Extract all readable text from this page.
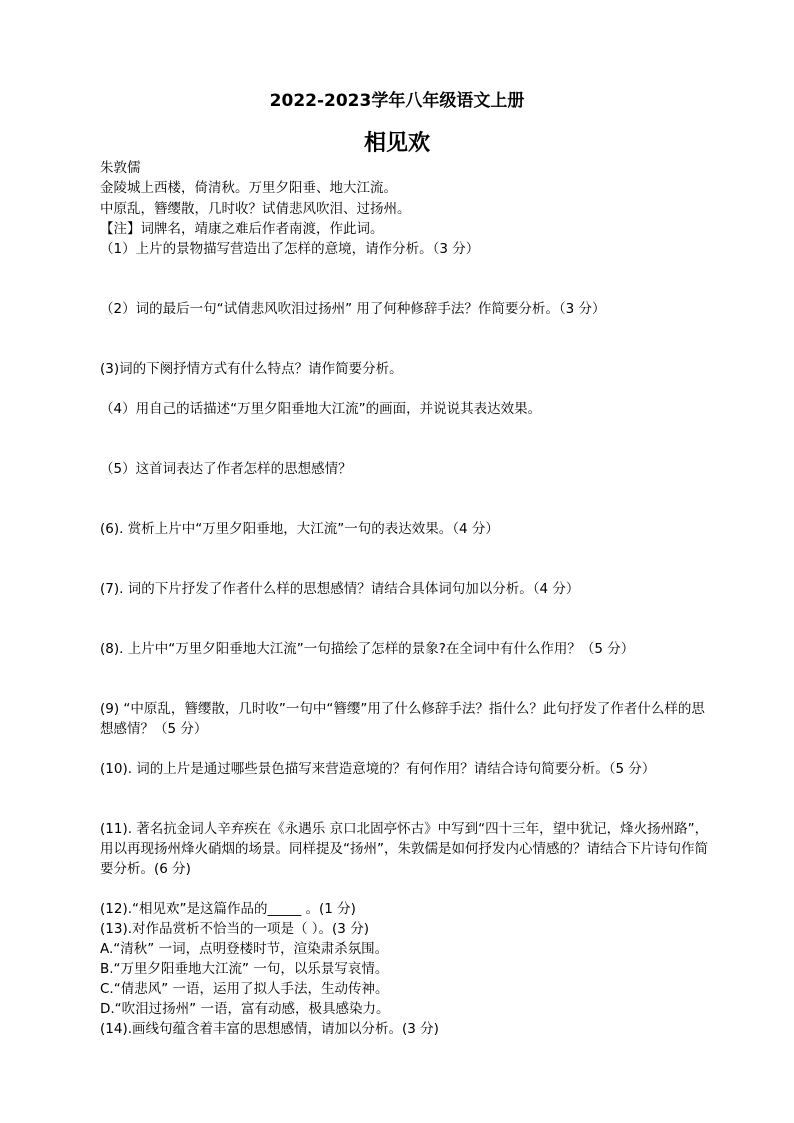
2022-2023学年八年级语文上册
相见欢
朱敦儒
金陵城上西楼，倚清秋。万里夕阳垂、地大江流。
中原乱，簪缨散，几时收？试倩悲风吹泪、过扬州。
【注】词牌名，靖康之难后作者南渡，作此词。
（1）上片的景物描写营造出了怎样的意境，请作分析。（3 分）
（2）词的最后一句“试倩悲风吹泪过扬州” 用了何种修辞手法？作简要分析。（3 分）
(3)词的下阕抒情方式有什么特点？请作简要分析。
（4）用自己的话描述“万里夕阳垂地大江流”的画面，并说说其表达效果。
（5）这首词表达了作者怎样的思想感情？
(6). 赏析上片中“万里夕阳垂地，大江流”一句的表达效果。（4 分）
(7). 词的下片抒发了作者什么样的思想感情？请结合具体词句加以分析。（4 分）
(8). 上片中“万里夕阳垂地大江流”一句描绘了怎样的景象?在全词中有什么作用？（5 分）
(9) “中原乱，簪缨散，几时收”一句中“簪缨”用了什么修辞手法？指什么？此句抒发了作者什么样的思想感情？（5 分）
(10). 词的上片是通过哪些景色描写来营造意境的？有何作用？请结合诗句简要分析。（5 分）
(11). 著名抗金词人辛弃疾在《永遇乐 京口北固亭怀古》中写到“四十三年，望中犹记，烽火扬州路”，用以再现扬州烽火硝烟的场景。同样提及“扬州”，朱敦儒是如何抒发内心情感的？请结合下片诗句作简要分析。(6 分)
(12).“相见欢”是这篇作品的_____ 。(1 分)
(13).对作品赏析不恰当的一项是（ ）。(3 分)
A.“清秋” 一词，点明登楼时节，渲染肃杀氛围。
B.“万里夕阳垂地大江流” 一句，以乐景写哀情。
C.“倩悲风” 一语，运用了拟人手法，生动传神。
D.“吹泪过扬州” 一语，富有动感，极具感染力。
(14).画线句蕴含着丰富的思想感情，请加以分析。(3 分)
